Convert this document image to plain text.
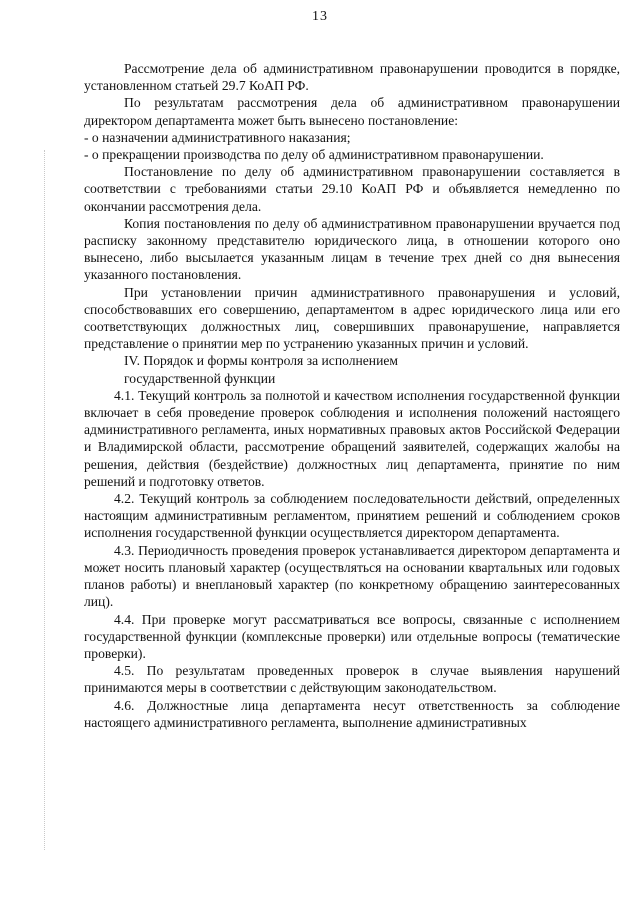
13

Рассмотрение дела об административном правонарушении проводится в порядке, установленном статьей 29.7 КоАП РФ.

По результатам рассмотрения дела об административном правонарушении директором департамента может быть вынесено постановление:

- о назначении административного наказания;

- о прекращении производства по делу об административном правонарушении.

Постановление по делу об административном правонарушении составляется в соответствии с требованиями статьи 29.10 КоАП РФ и объявляется немедленно по окончании рассмотрения дела.

Копия постановления по делу об административном правонарушении вручается под расписку законному представителю юридического лица, в отношении которого оно вынесено, либо высылается указанным лицам в течение трех дней со дня вынесения указанного постановления.

При установлении причин административного правонарушения и условий, способствовавших его совершению, департаментом в адрес юридического лица или его соответствующих должностных лиц, совершивших правонарушение, направляется представление о принятии мер по устранению указанных причин и условий.

IV. Порядок и формы контроля за исполнением
государственной функции

4.1. Текущий контроль за полнотой и качеством исполнения государственной функции включает в себя проведение проверок соблюдения и исполнения положений настоящего административного регламента, иных нормативных правовых актов Российской Федерации и Владимирской области, рассмотрение обращений заявителей, содержащих жалобы на решения, действия (бездействие) должностных лиц департамента, принятие по ним решений и подготовку ответов.

4.2. Текущий контроль за соблюдением последовательности действий, определенных настоящим административным регламентом, принятием решений и соблюдением сроков исполнения государственной функции осуществляется директором департамента.

4.3. Периодичность проведения проверок устанавливается директором департамента и может носить плановый характер (осуществляться на основании квартальных или годовых планов работы) и внеплановый характер (по конкретному обращению заинтересованных лиц).

4.4. При проверке могут рассматриваться все вопросы, связанные с исполнением государственной функции (комплексные проверки) или отдельные вопросы (тематические проверки).

4.5. По результатам проведенных проверок в случае выявления нарушений принимаются меры в соответствии с действующим законодательством.

4.6. Должностные лица департамента несут ответственность за соблюдение настоящего административного регламента, выполнение административных
